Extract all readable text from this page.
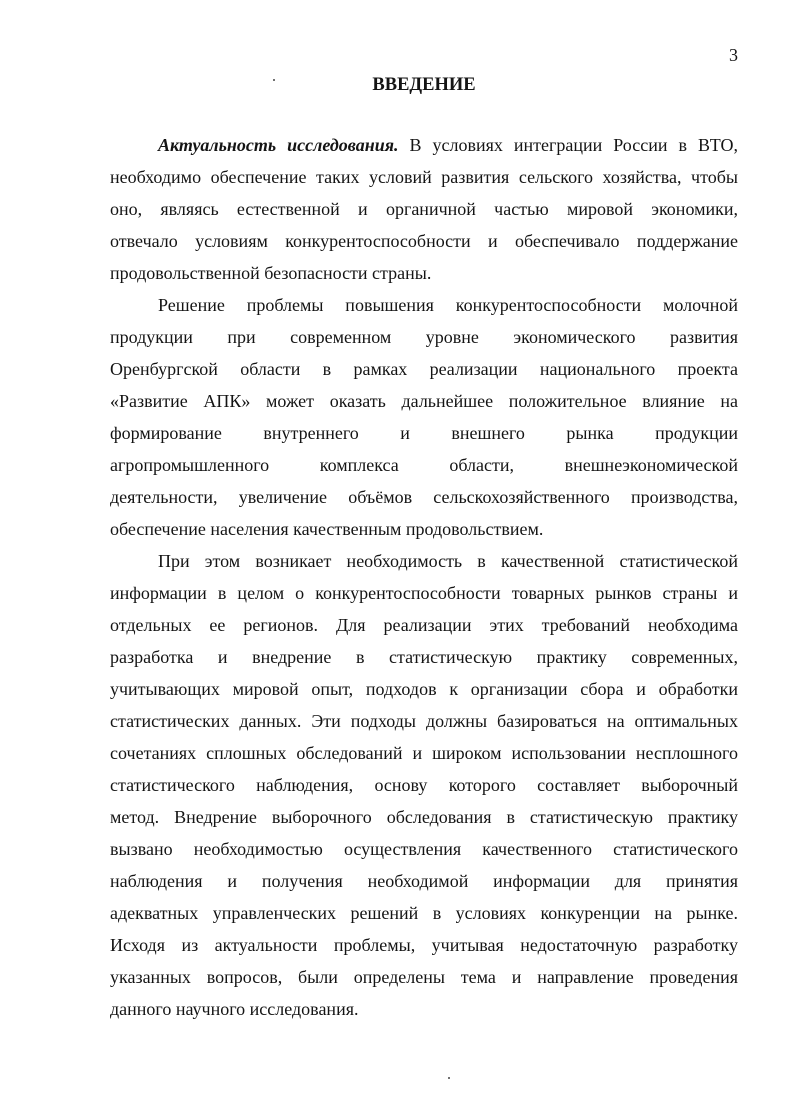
3
ВВЕДЕНИЕ
Актуальность исследования. В условиях интеграции России в ВТО,
необходимо обеспечение таких условий развития сельского хозяйства, чтобы
оно, являясь естественной и органичной частью мировой экономики,
отвечало условиям конкурентоспособности и обеспечивало поддержание
продовольственной безопасности страны.
Решение проблемы повышения конкурентоспособности молочной
продукции при современном уровне экономического развития
Оренбургской области в рамках реализации национального проекта
«Развитие АПК» может оказать дальнейшее положительное влияние на
формирование внутреннего и внешнего рынка продукции
агропромышленного комплекса области, внешнеэкономической
деятельности, увеличение объёмов сельскохозяйственного производства,
обеспечение населения качественным продовольствием.
При этом возникает необходимость в качественной статистической
информации в целом о конкурентоспособности товарных рынков страны и
отдельных ее регионов. Для реализации этих требований необходима
разработка и внедрение в статистическую практику современных,
учитывающих мировой опыт, подходов к организации сбора и обработки
статистических данных. Эти подходы должны базироваться на оптимальных
сочетаниях сплошных обследований и широком использовании несплошного
статистического наблюдения, основу которого составляет выборочный
метод. Внедрение выборочного обследования в статистическую практику
вызвано необходимостью осуществления качественного статистического
наблюдения и получения необходимой информации для принятия
адекватных управленческих решений в условиях конкуренции на рынке.
Исходя из актуальности проблемы, учитывая недостаточную разработку
указанных вопросов, были определены тема и направление проведения
данного научного исследования.
